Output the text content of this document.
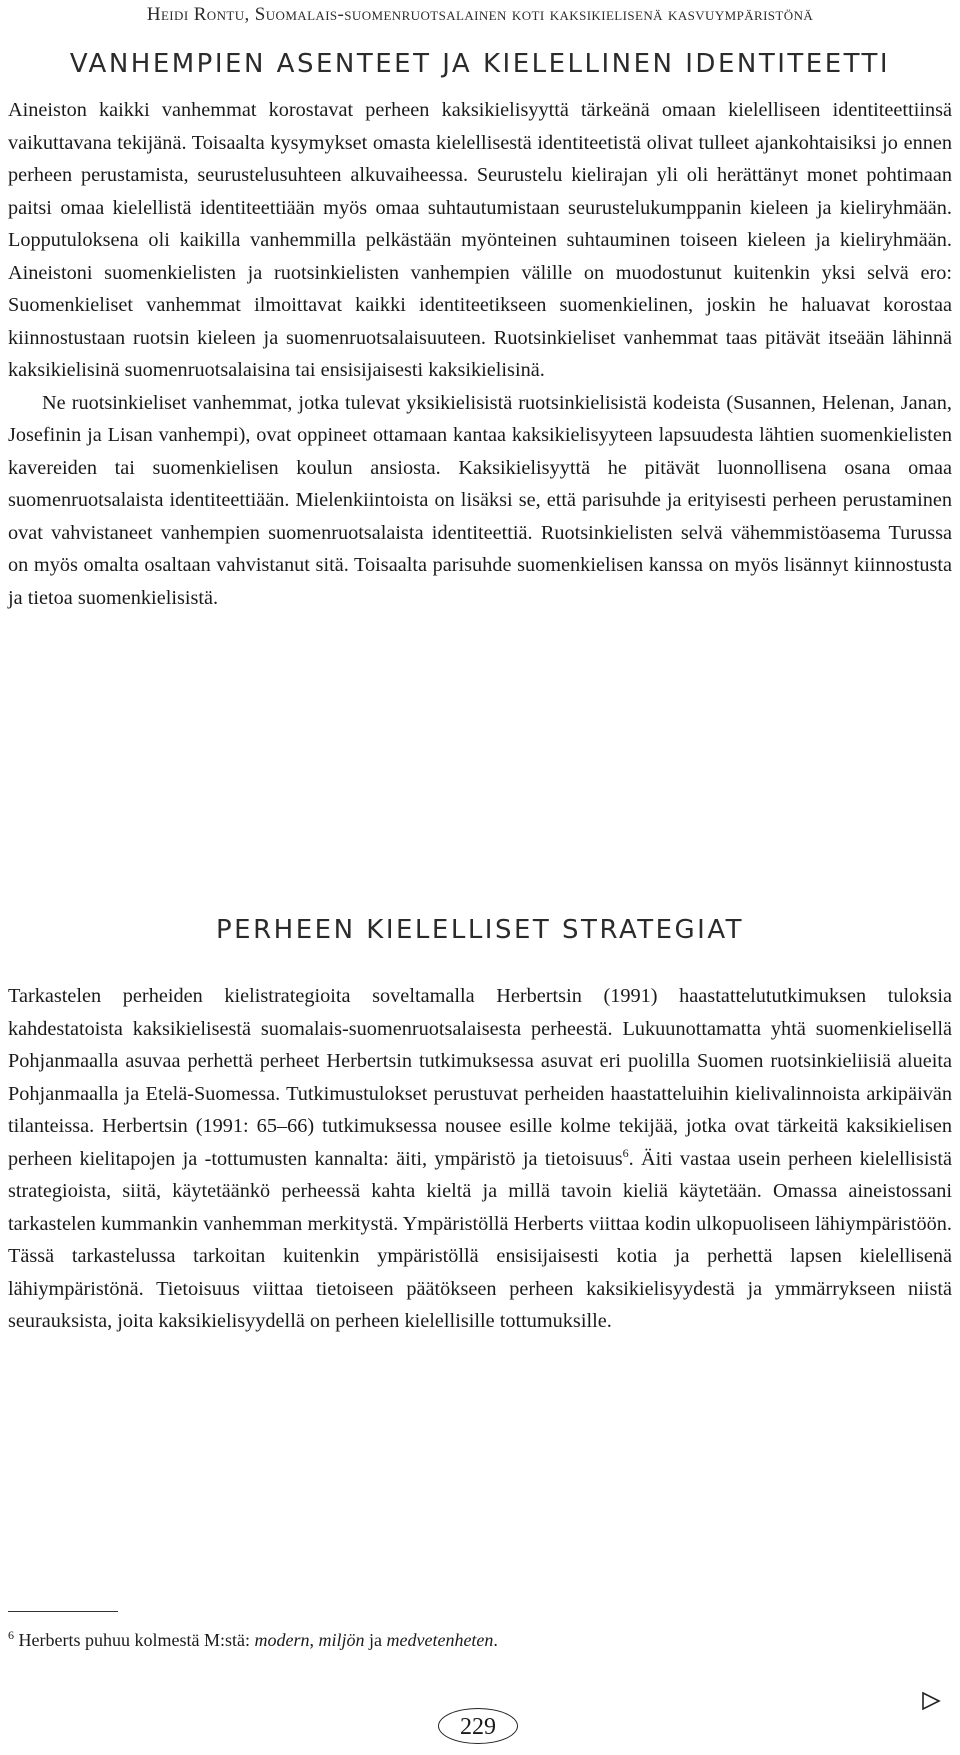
Heidi Rontu, Suomalais-suomenruotsalainen koti kaksikielisenä kasvuympäristönä
VANHEMPIEN ASENTEET JA KIELELLINEN IDENTITEETTI

Aineiston kaikki vanhemmat korostavat perheen kaksikielisyyttä tärkeänä omaan kielelliseen identiteettiinsä vaikuttavana tekijänä. Toisaalta kysymykset omasta kielellisestä identiteetistä olivat tulleet ajankohtaisiksi jo ennen perheen perustamista, seurustelusuhteen alkuvaiheessa. Seurustelu kielirajan yli oli herättänyt monet pohtimaan paitsi omaa kielellistä identiteettiään myös omaa suhtautumistaan seurustelukumppanin kieleen ja kieliryhmään. Lopputuloksena oli kaikilla vanhemmilla pelkästään myönteinen suhtauminen toiseen kieleen ja kieliryhmään. Aineistoni suomenkielisten ja ruotsinkielisten vanhempien välille on muodostunut kuitenkin yksi selvä ero: Suomenkieliset vanhemmat ilmoittavat kaikki identiteetikseen suomenkielinen, joskin he haluavat korostaa kiinnostustaan ruotsin kieleen ja suomenruotsalaisuuteen. Ruotsinkieliset vanhemmat taas pitävät itseään lähinnä kaksikielisinä suomenruotsalaisina tai ensisijaisesti kaksikielisinä.

Ne ruotsinkieliset vanhemmat, jotka tulevat yksikielisistä ruotsinkielisistä kodeista (Susannen, Helenan, Janan, Josefinin ja Lisan vanhempi), ovat oppineet ottamaan kantaa kaksikielisyyteen lapsuudesta lähtien suomenkielisten kavereiden tai suomenkielisen koulun ansiosta. Kaksikielisyyttä he pitävät luonnollisena osana omaa suomenruotsalaista identiteettiään. Mielenkiintoista on lisäksi se, että parisuhde ja erityisesti perheen perustaminen ovat vahvistaneet vanhempien suomenruotsalaista identiteettiä. Ruotsinkielisten selvä vähemmistöasema Turussa on myös omalta osaltaan vahvistanut sitä. Toisaalta parisuhde suomenkielisen kanssa on myös lisännyt kiinnostusta ja tietoa suomenkielisistä.

PERHEEN KIELELLISET STRATEGIAT

Tarkastelen perheiden kielistrategioita soveltamalla Herbertsin (1991) haastattelututkimuksen tuloksia kahdestatoista kaksikielisestä suomalais-suomenruotsalaisesta perheestä. Lukuunottamatta yhtä suomenkielisellä Pohjanmaalla asuvaa perhettä perheet Herbertsin tutkimuksessa asuvat eri puolilla Suomen ruotsinkieliisiä alueita Pohjanmaalla ja Etelä-Suomessa. Tutkimustulokset perustuvat perheiden haastatteluihin kielivalinnoista arkipäivän tilanteissa. Herbertsin (1991: 65–66) tutkimuksessa nousee esille kolme tekijää, jotka ovat tärkeitä kaksikielisen perheen kielitapojen ja -tottumusten kannalta: äiti, ympäristö ja tietoisuus$^6$. Äiti vastaa usein perheen kielellisistä strategioista, siitä, käytetäänkö perheessä kahta kieltä ja millä tavoin kieliä käytetään. Omassa aineistossani tarkastelen kummankin vanhemman merkitystä. Ympäristöllä Herberts viittaa kodin ulkopuoliseen lähiympäristöön. Tässä tarkastelussa tarkoitan kuitenkin ympäristöllä ensisijaisesti kotia ja perhettä lapsen kielellisenä lähiympäristönä. Tietoisuus viittaa tietoiseen päätökseen perheen kaksikielisyydestä ja ymmärrykseen niistä seurauksista, joita kaksikielisyydellä on perheen kielellisille tottumuksille.

$^6$ Herberts puhuu kolmestä M:stä: modern, miljön ja medvetenheten.
229
